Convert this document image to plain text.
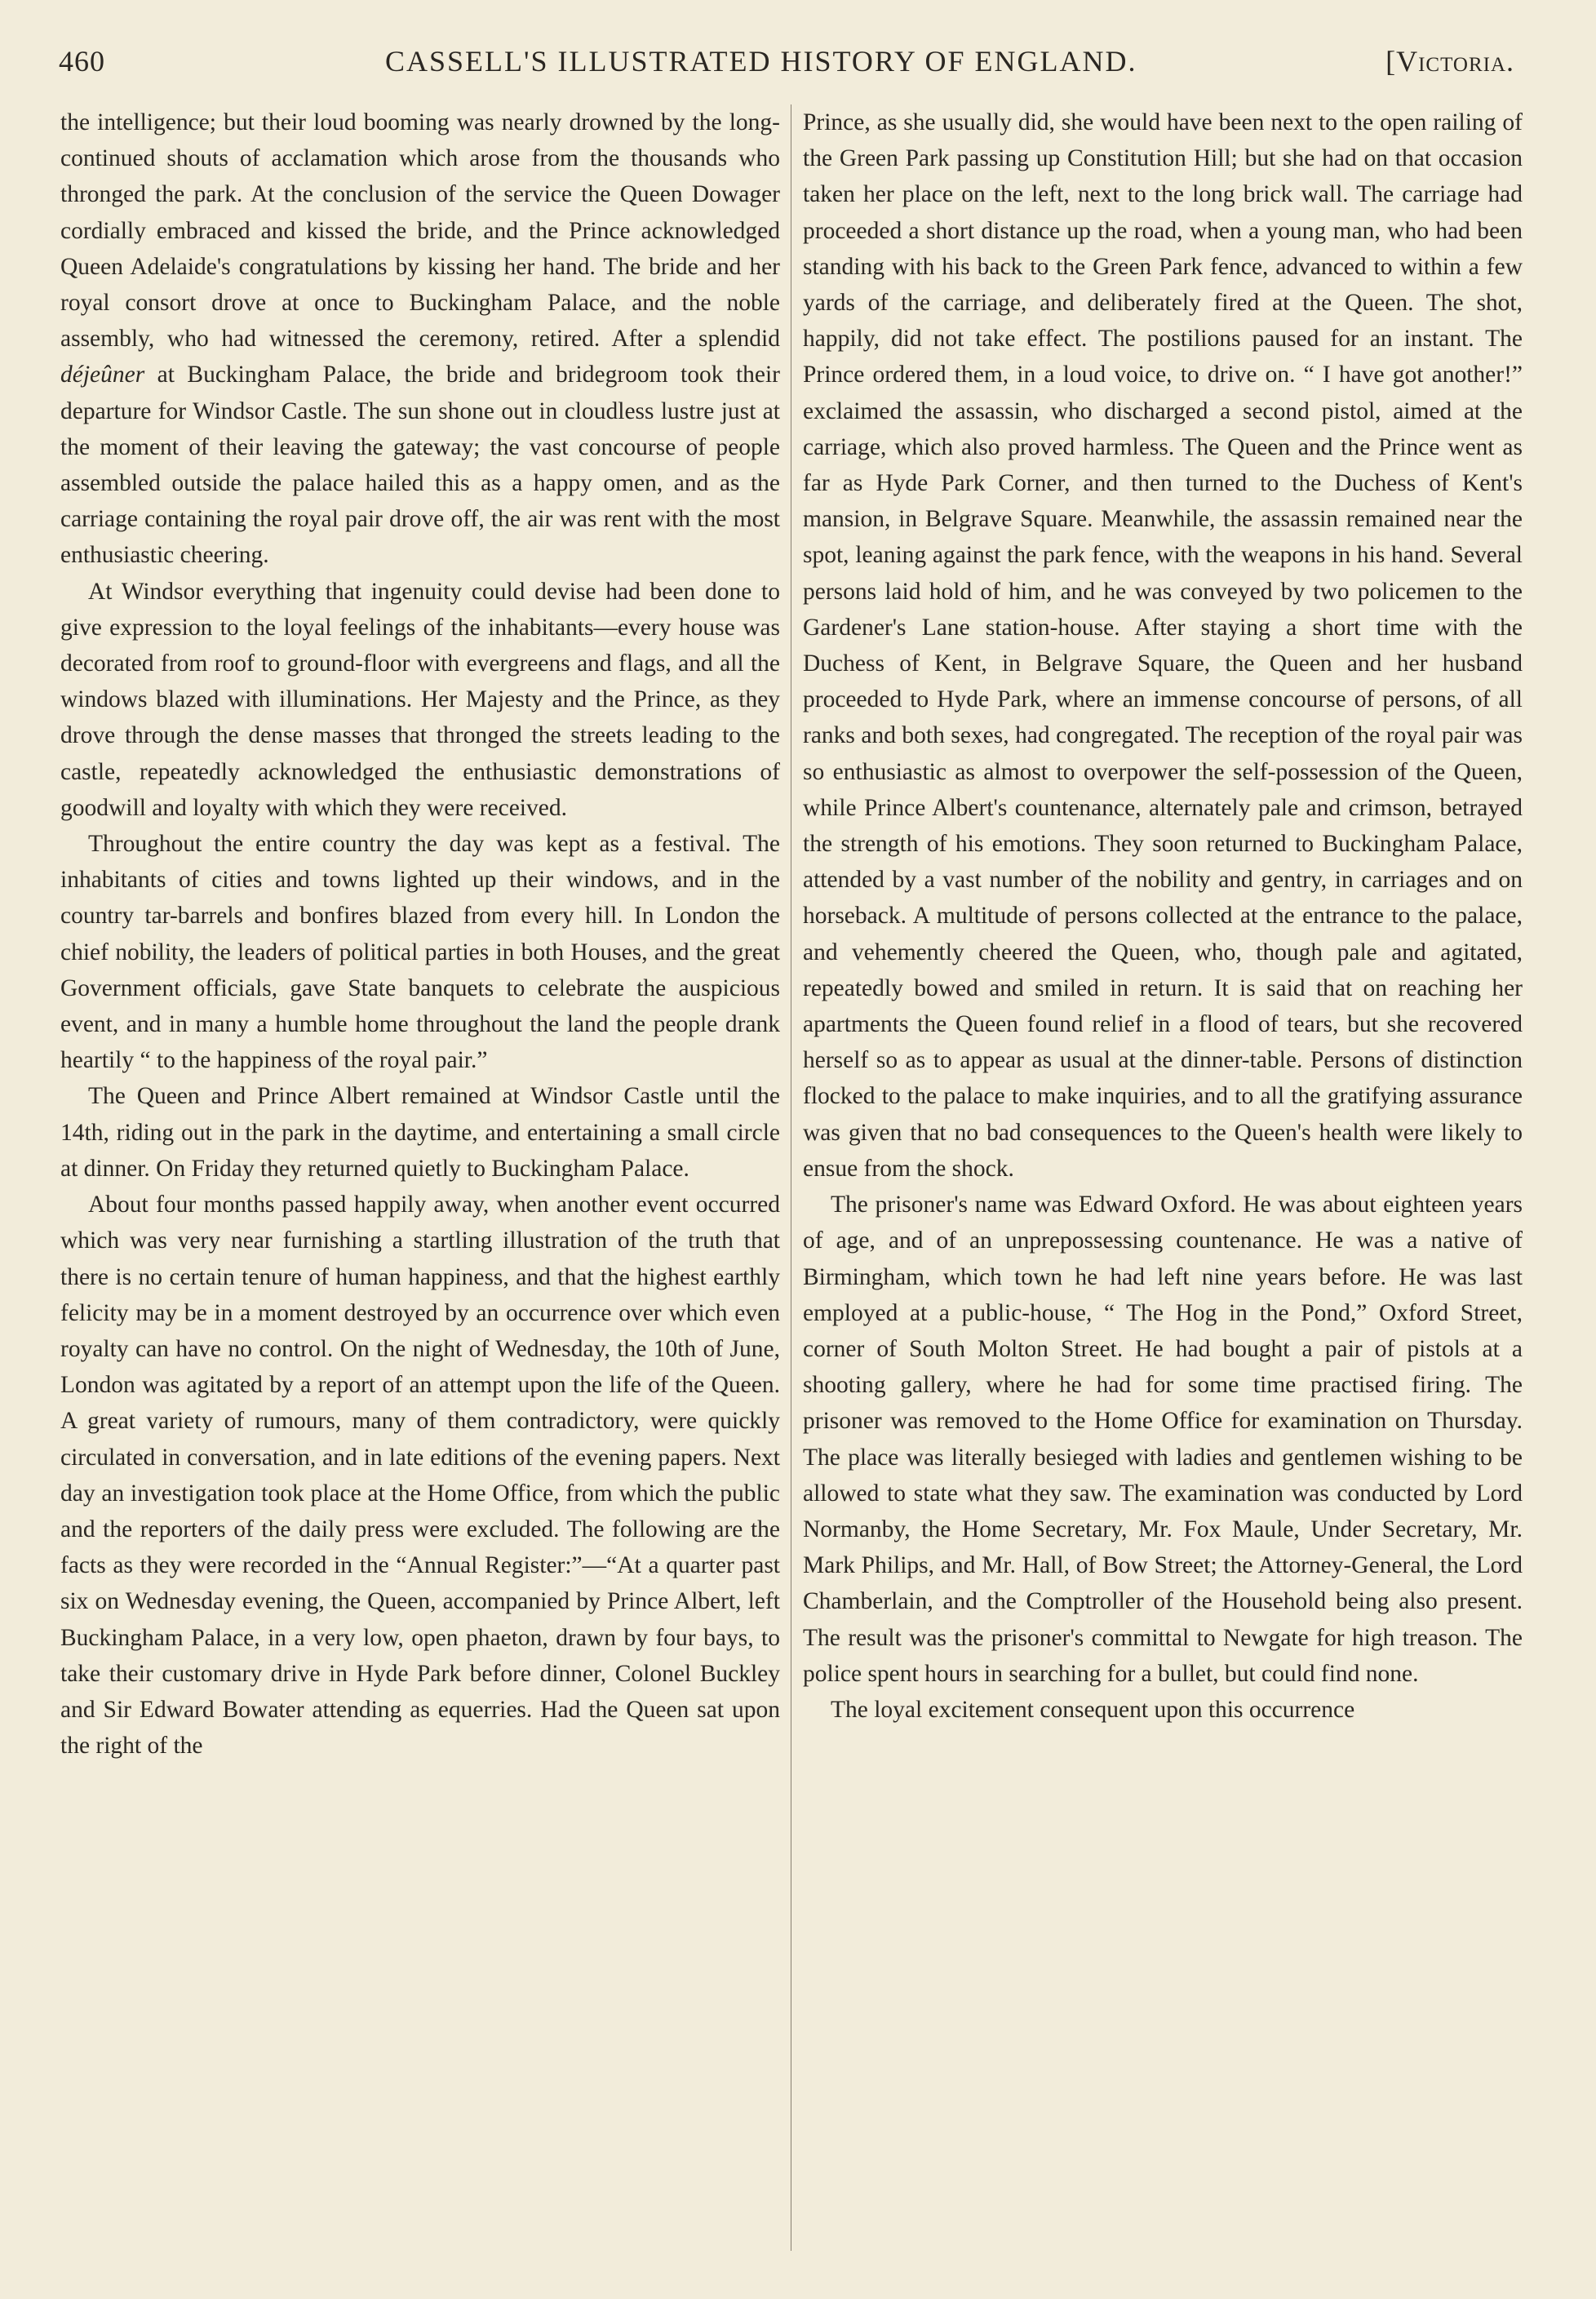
460	CASSELL'S ILLUSTRATED HISTORY OF ENGLAND.	[Victoria.

the intelligence; but their loud booming was nearly drowned by the long-continued shouts of acclamation which arose from the thousands who thronged the park. At the conclusion of the service the Queen Dowager cordially embraced and kissed the bride, and the Prince acknowledged Queen Adelaide's congratulations by kissing her hand. The bride and her royal consort drove at once to Buckingham Palace, and the noble assembly, who had witnessed the ceremony, retired. After a splendid déjeûner at Buckingham Palace, the bride and bridegroom took their departure for Windsor Castle. The sun shone out in cloudless lustre just at the moment of their leaving the gateway; the vast concourse of people assembled outside the palace hailed this as a happy omen, and as the carriage containing the royal pair drove off, the air was rent with the most enthusiastic cheering.

At Windsor everything that ingenuity could devise had been done to give expression to the loyal feelings of the inhabitants—every house was decorated from roof to ground-floor with evergreens and flags, and all the windows blazed with illuminations. Her Majesty and the Prince, as they drove through the dense masses that thronged the streets leading to the castle, repeatedly acknowledged the enthusiastic demonstrations of goodwill and loyalty with which they were received.

Throughout the entire country the day was kept as a festival. The inhabitants of cities and towns lighted up their windows, and in the country tar-barrels and bonfires blazed from every hill. In London the chief nobility, the leaders of political parties in both Houses, and the great Government officials, gave State banquets to celebrate the auspicious event, and in many a humble home throughout the land the people drank heartily “ to the happiness of the royal pair.”

The Queen and Prince Albert remained at Windsor Castle until the 14th, riding out in the park in the daytime, and entertaining a small circle at dinner. On Friday they returned quietly to Buckingham Palace.

About four months passed happily away, when another event occurred which was very near furnishing a startling illustration of the truth that there is no certain tenure of human happiness, and that the highest earthly felicity may be in a moment destroyed by an occurrence over which even royalty can have no control. On the night of Wednesday, the 10th of June, London was agitated by a report of an attempt upon the life of the Queen. A great variety of rumours, many of them contradictory, were quickly circulated in conversation, and in late editions of the evening papers. Next day an investigation took place at the Home Office, from which the public and the reporters of the daily press were excluded. The following are the facts as they were recorded in the “Annual Register:”—“At a quarter past six on Wednesday evening, the Queen, accompanied by Prince Albert, left Buckingham Palace, in a very low, open phaeton, drawn by four bays, to take their customary drive in Hyde Park before dinner, Colonel Buckley and Sir Edward Bowater attending as equerries. Had the Queen sat upon the right of the

Prince, as she usually did, she would have been next to the open railing of the Green Park passing up Constitution Hill; but she had on that occasion taken her place on the left, next to the long brick wall. The carriage had proceeded a short distance up the road, when a young man, who had been standing with his back to the Green Park fence, advanced to within a few yards of the carriage, and deliberately fired at the Queen. The shot, happily, did not take effect. The postilions paused for an instant. The Prince ordered them, in a loud voice, to drive on. “ I have got another!” exclaimed the assassin, who discharged a second pistol, aimed at the carriage, which also proved harmless. The Queen and the Prince went as far as Hyde Park Corner, and then turned to the Duchess of Kent's mansion, in Belgrave Square. Meanwhile, the assassin remained near the spot, leaning against the park fence, with the weapons in his hand. Several persons laid hold of him, and he was conveyed by two policemen to the Gardener's Lane station-house. After staying a short time with the Duchess of Kent, in Belgrave Square, the Queen and her husband proceeded to Hyde Park, where an immense concourse of persons, of all ranks and both sexes, had congregated. The reception of the royal pair was so enthusiastic as almost to overpower the self-possession of the Queen, while Prince Albert's countenance, alternately pale and crimson, betrayed the strength of his emotions. They soon returned to Buckingham Palace, attended by a vast number of the nobility and gentry, in carriages and on horseback. A multitude of persons collected at the entrance to the palace, and vehemently cheered the Queen, who, though pale and agitated, repeatedly bowed and smiled in return. It is said that on reaching her apartments the Queen found relief in a flood of tears, but she recovered herself so as to appear as usual at the dinner-table. Persons of distinction flocked to the palace to make inquiries, and to all the gratifying assurance was given that no bad consequences to the Queen's health were likely to ensue from the shock.

The prisoner's name was Edward Oxford. He was about eighteen years of age, and of an unprepossessing countenance. He was a native of Birmingham, which town he had left nine years before. He was last employed at a public-house, “ The Hog in the Pond,” Oxford Street, corner of South Molton Street. He had bought a pair of pistols at a shooting gallery, where he had for some time practised firing. The prisoner was removed to the Home Office for examination on Thursday. The place was literally besieged with ladies and gentlemen wishing to be allowed to state what they saw. The examination was conducted by Lord Normanby, the Home Secretary, Mr. Fox Maule, Under Secretary, Mr. Mark Philips, and Mr. Hall, of Bow Street; the Attorney-General, the Lord Chamberlain, and the Comptroller of the Household being also present. The result was the prisoner's committal to Newgate for high treason. The police spent hours in searching for a bullet, but could find none.

The loyal excitement consequent upon this occurrence
